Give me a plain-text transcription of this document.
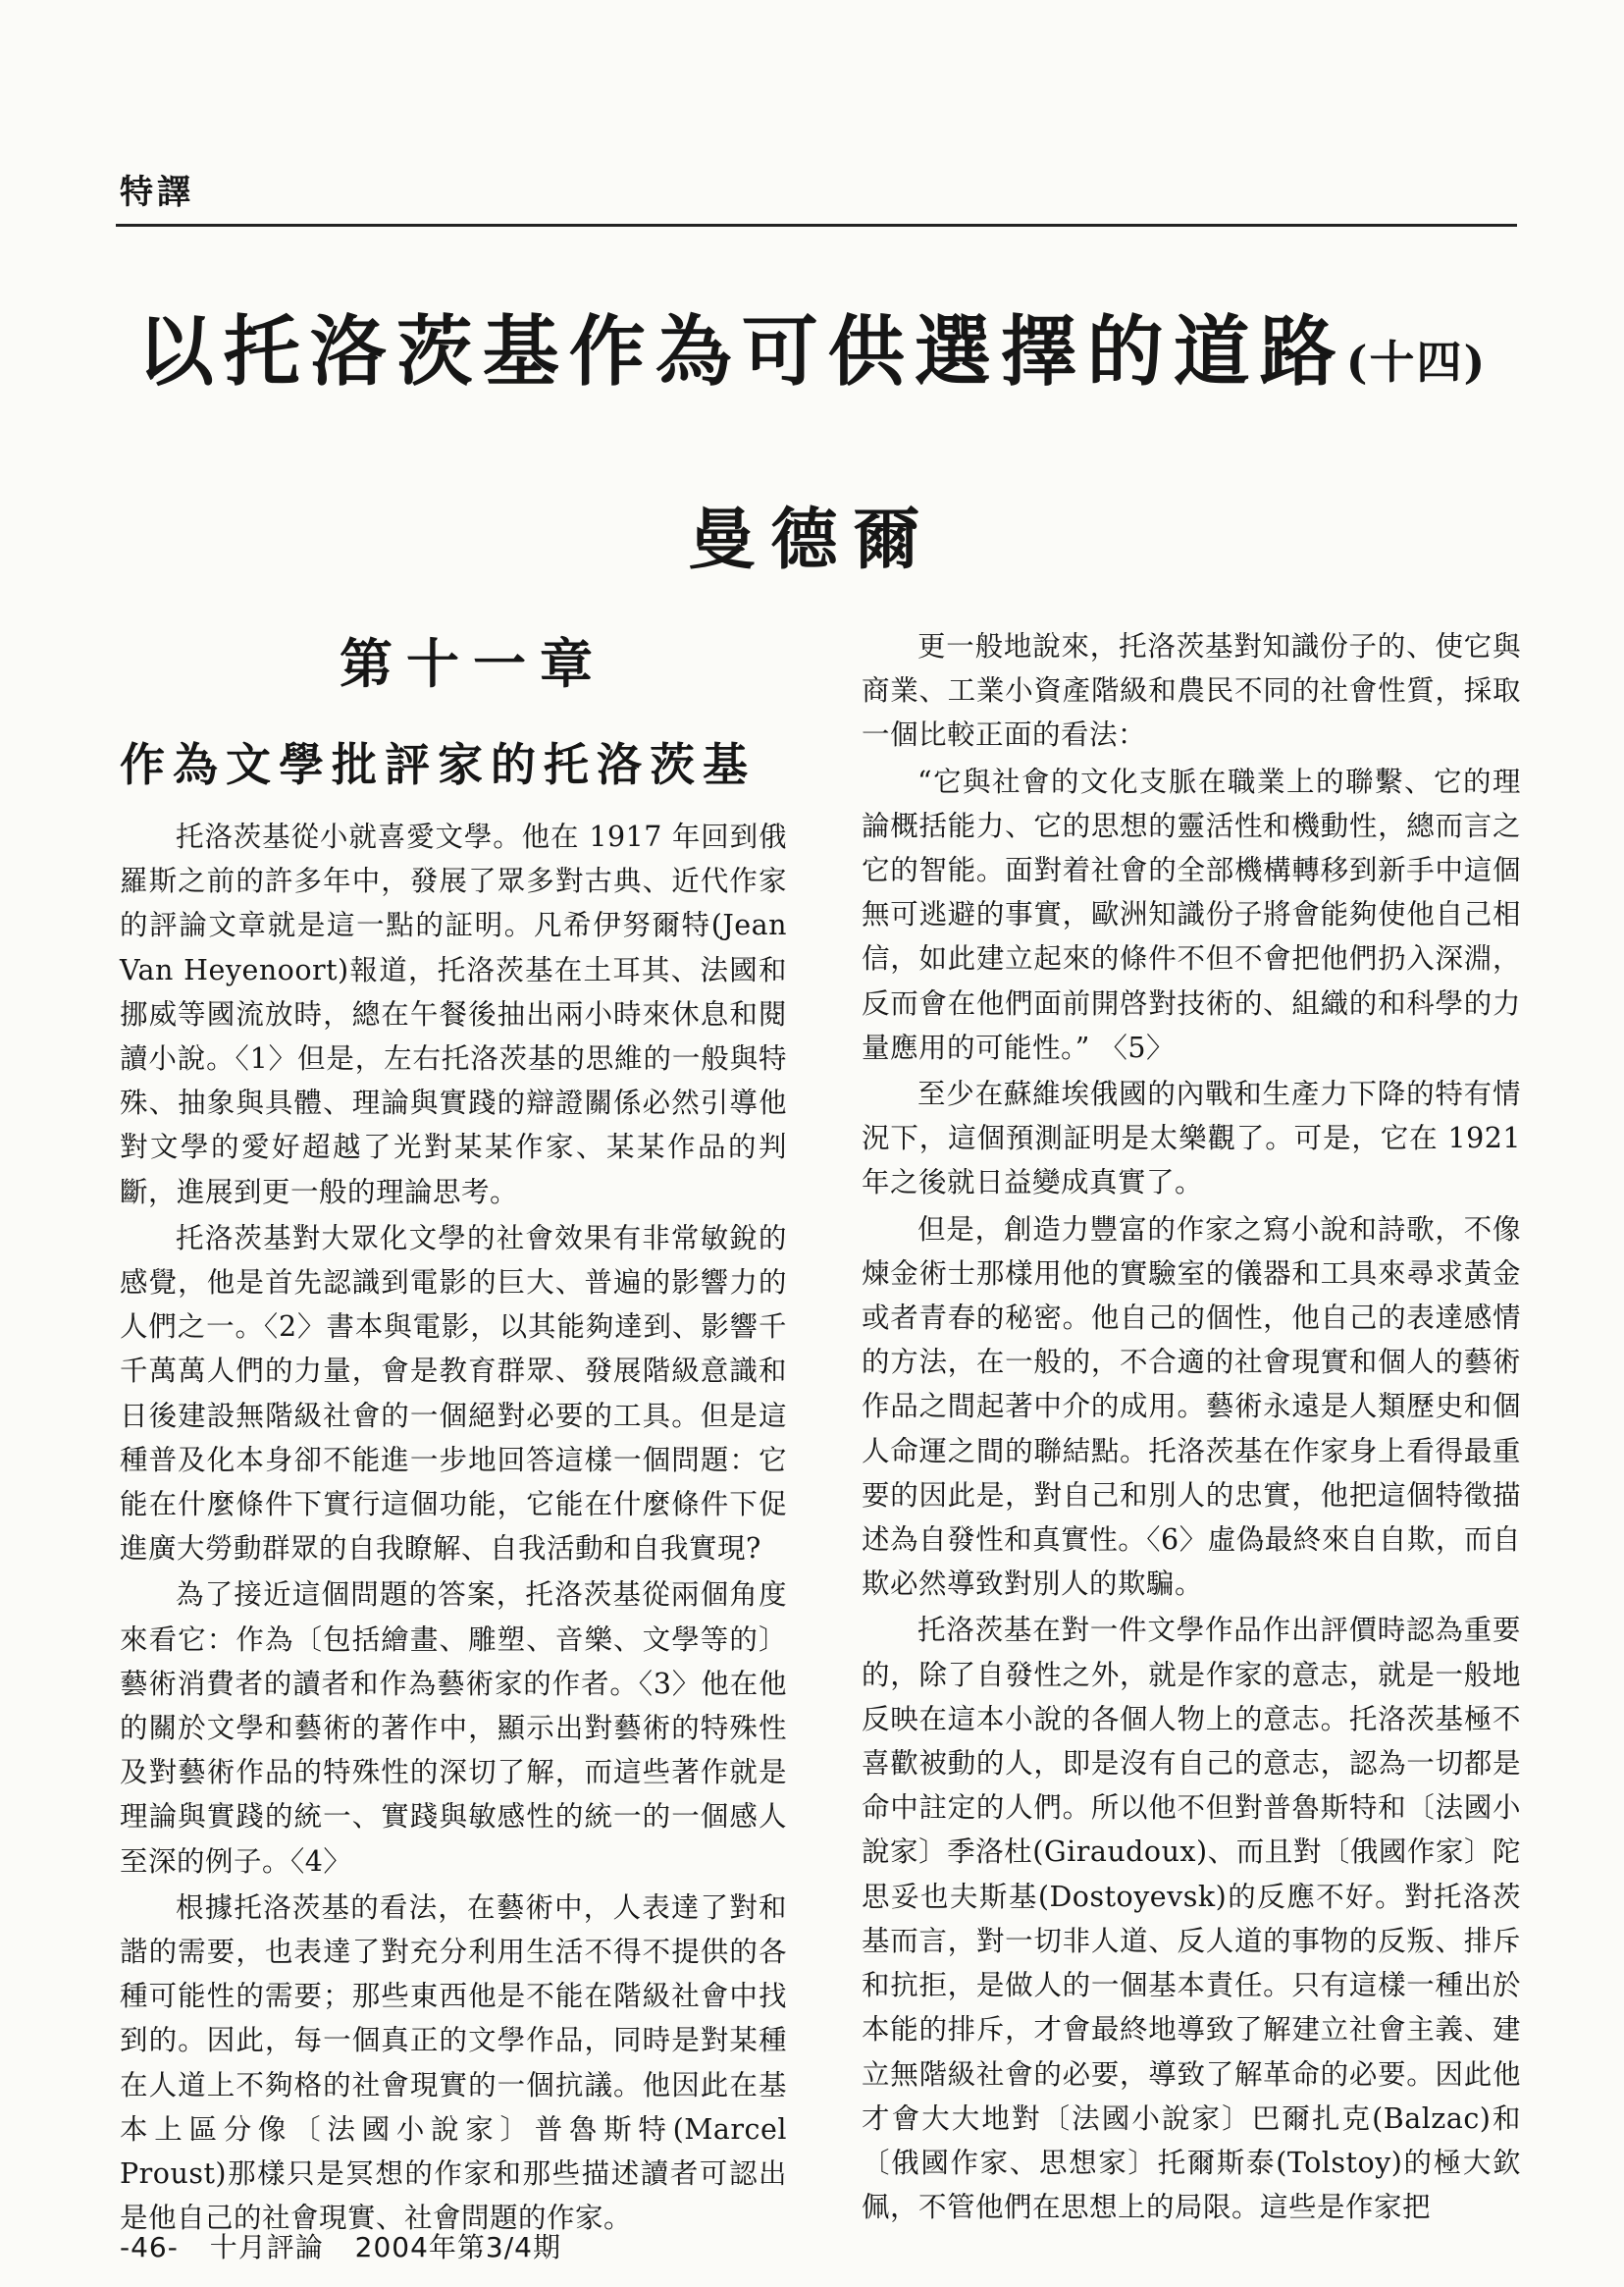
特譯
以托洛茨基作為可供選擇的道路(十四)
曼德爾
第十一章
作為文學批評家的托洛茨基

托洛茨基從小就喜愛文學。他在 1917 年回到俄羅斯之前的許多年中，發展了眾多對古典、近代作家的評論文章就是這一點的証明。凡希伊努爾特(Jean Van Heyenoort)報道，托洛茨基在土耳其、法國和挪威等國流放時，總在午餐後抽出兩小時來休息和閱讀小說。〈1〉但是，左右托洛茨基的思維的一般與特殊、抽象與具體、理論與實踐的辯證關係必然引導他對文學的愛好超越了光對某某作家、某某作品的判斷，進展到更一般的理論思考。

托洛茨基對大眾化文學的社會效果有非常敏銳的感覺，他是首先認識到電影的巨大、普遍的影響力的人們之一。〈2〉書本與電影，以其能夠達到、影響千千萬萬人們的力量，會是教育群眾、發展階級意識和日後建設無階級社會的一個絕對必要的工具。但是這種普及化本身卻不能進一步地回答這樣一個問題：它能在什麼條件下實行這個功能，它能在什麼條件下促進廣大勞動群眾的自我瞭解、自我活動和自我實現?

為了接近這個問題的答案，托洛茨基從兩個角度來看它：作為〔包括繪畫、雕塑、音樂、文學等的〕藝術消費者的讀者和作為藝術家的作者。〈3〉他在他的關於文學和藝術的著作中，顯示出對藝術的特殊性及對藝術作品的特殊性的深切了解，而這些著作就是理論與實踐的統一、實踐與敏感性的統一的一個感人至深的例子。〈4〉

根據托洛茨基的看法，在藝術中，人表達了對和諧的需要，也表達了對充分利用生活不得不提供的各種可能性的需要；那些東西他是不能在階級社會中找到的。因此，每一個真正的文學作品，同時是對某種在人道上不夠格的社會現實的一個抗議。他因此在基本上區分像〔法國小說家〕普魯斯特(Marcel Proust)那樣只是冥想的作家和那些描述讀者可認出是他自己的社會現實、社會問題的作家。

更一般地說來，托洛茨基對知識份子的、使它與商業、工業小資產階級和農民不同的社會性質，採取一個比較正面的看法：

“它與社會的文化支脈在職業上的聯繫、它的理論概括能力、它的思想的靈活性和機動性，總而言之它的智能。面對着社會的全部機構轉移到新手中這個無可逃避的事實，歐洲知識份子將會能夠使他自己相信，如此建立起來的條件不但不會把他們扔入深淵，反而會在他們面前開啓對技術的、組織的和科學的力量應用的可能性。” 〈5〉

至少在蘇維埃俄國的內戰和生產力下降的特有情況下，這個預測証明是太樂觀了。可是，它在 1921 年之後就日益變成真實了。

但是，創造力豐富的作家之寫小說和詩歌，不像煉金術士那樣用他的實驗室的儀器和工具來尋求黃金或者青春的秘密。他自己的個性，他自己的表達感情的方法，在一般的，不合適的社會現實和個人的藝術作品之間起著中介的成用。藝術永遠是人類歷史和個人命運之間的聯結點。托洛茨基在作家身上看得最重要的因此是，對自己和別人的忠實，他把這個特徵描述為自發性和真實性。〈6〉虛偽最終來自自欺，而自欺必然導致對別人的欺騙。

托洛茨基在對一件文學作品作出評價時認為重要的，除了自發性之外，就是作家的意志，就是一般地反映在這本小說的各個人物上的意志。托洛茨基極不喜歡被動的人，即是沒有自己的意志，認為一切都是命中註定的人們。所以他不但對普魯斯特和〔法國小說家〕季洛杜(Giraudoux)、而且對〔俄國作家〕陀思妥也夫斯基(Dostoyevsk)的反應不好。對托洛茨基而言，對一切非人道、反人道的事物的反叛、排斥和抗拒，是做人的一個基本責任。只有這樣一種出於本能的排斥，才會最終地導致了解建立社會主義、建立無階級社會的必要，導致了解革命的必要。因此他才會大大地對〔法國小說家〕巴爾扎克(Balzac)和〔俄國作家、思想家〕托爾斯泰(Tolstoy)的極大欽佩，不管他們在思想上的局限。這些是作家把

-46- 十月評論 2004年第3/4期
